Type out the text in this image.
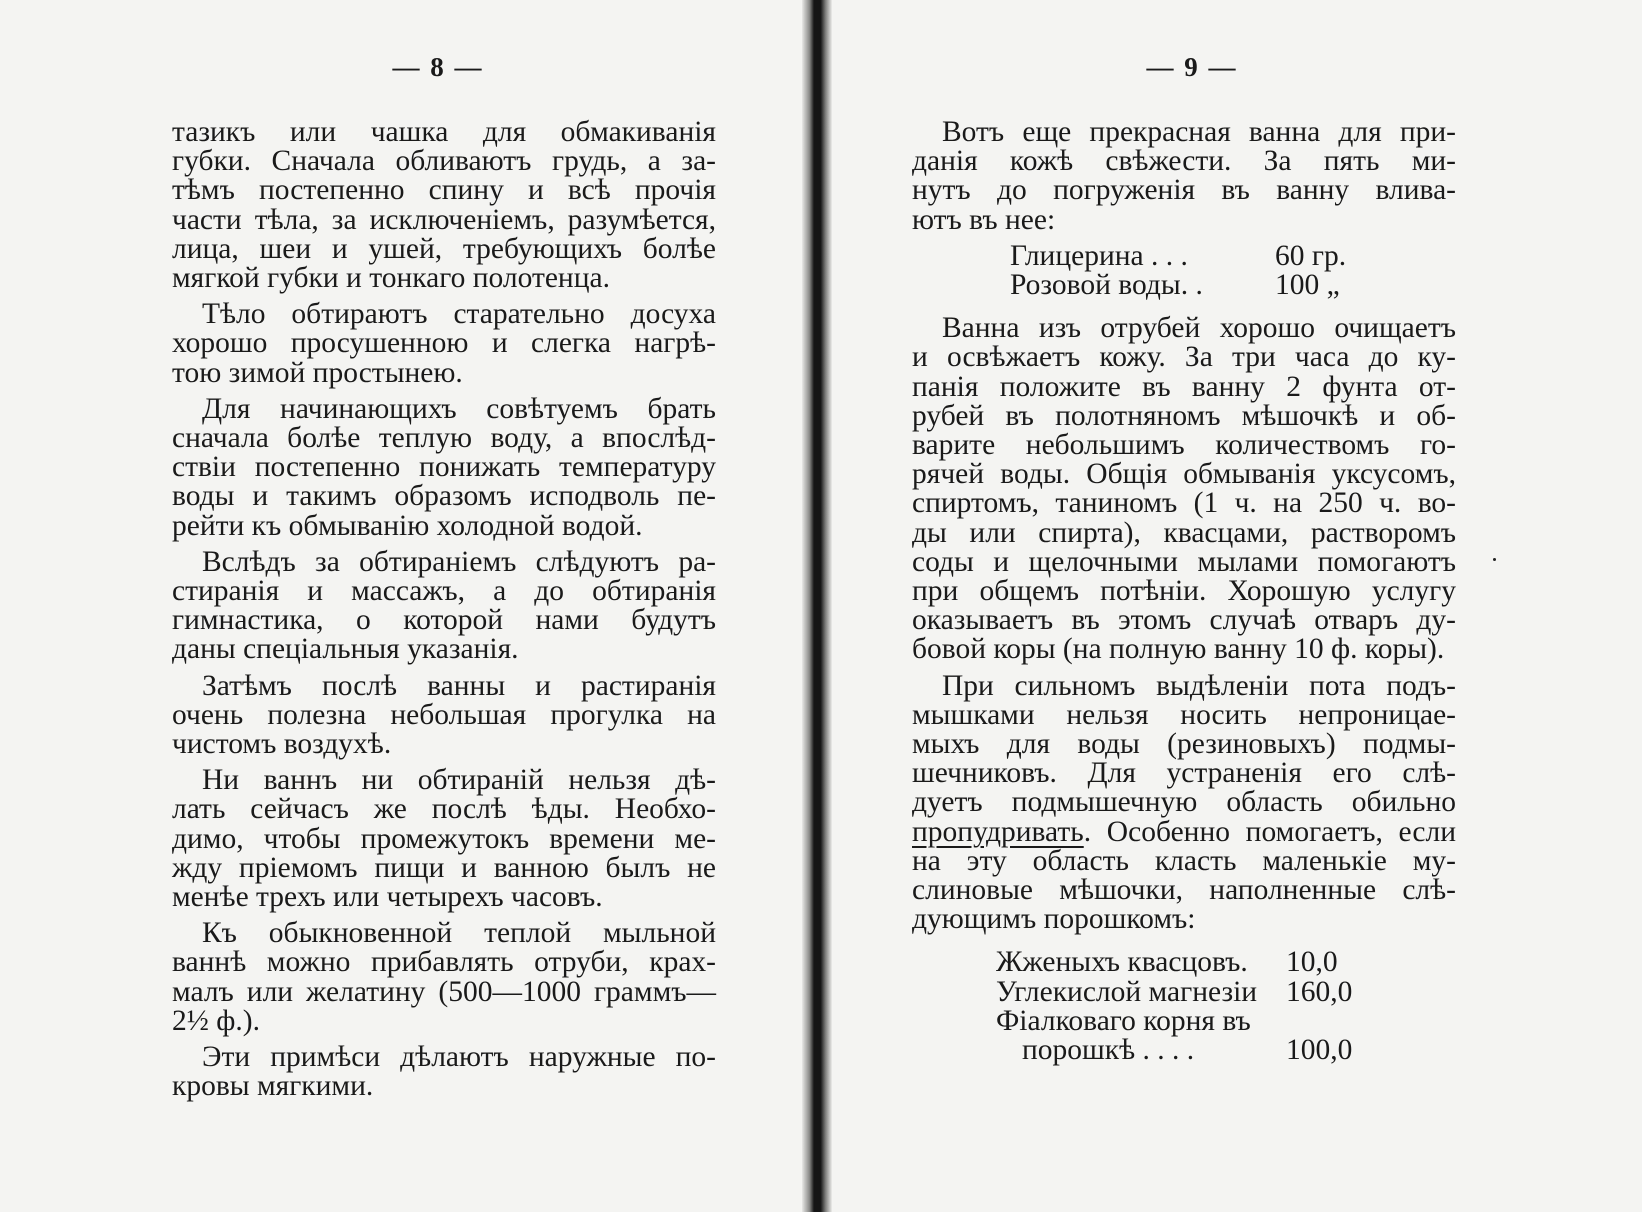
— 8 —
тазикъ или чашка для обмакиванія
губки. Сначала обливаютъ грудь, а за-
тѣмъ постепенно спину и всѣ прочія
части тѣла, за исключеніемъ, разумѣется,
лица, шеи и ушей, требующихъ болѣе
мягкой губки и тонкаго полотенца.
Тѣло обтираютъ старательно досуха
хорошо просушенною и слегка нагрѣ-
тою зимой простынею.
Для начинающихъ совѣтуемъ брать
сначала болѣе теплую воду, а впослѣд-
ствіи постепенно понижать температуру
воды и такимъ образомъ исподволь пе-
рейти къ обмыванію холодной водой.
Вслѣдъ за обтираніемъ слѣдуютъ ра-
стиранія и массажъ, а до обтиранія
гимнастика, о которой нами будутъ
даны спеціальныя указанія.
Затѣмъ послѣ ванны и растиранія
очень полезна небольшая прогулка на
чистомъ воздухѣ.
Ни ваннъ ни обтираній нельзя дѣ-
лать сейчасъ же послѣ ѣды. Необхо-
димо, чтобы промежутокъ времени ме-
жду пріемомъ пищи и ванною былъ не
менѣе трехъ или четырехъ часовъ.
Къ обыкновенной теплой мыльной
ваннѣ можно прибавлять отруби, крах-
малъ или желатину (500—1000 граммъ—
2½ ф.).
Эти примѣси дѣлаютъ наружные по-
кровы мягкими.
— 9 —
Вотъ еще прекрасная ванна для при-
данія кожѣ свѣжести. За пять ми-
нутъ до погруженія въ ванну влива-
ютъ въ нее:
Глицерина . . .	60 гр.
Розовой воды. .	100 „
Ванна изъ отрубей хорошо очищаетъ
и освѣжаетъ кожу. За три часа до ку-
панія положите въ ванну 2 фунта от-
рубей въ полотняномъ мѣшочкѣ и об-
варите небольшимъ количествомъ го-
рячей воды. Общія обмыванія уксусомъ,
спиртомъ, таниномъ (1 ч. на 250 ч. во-
ды или спирта), квасцами, растворомъ
соды и щелочными мылами помогаютъ
при общемъ потѣніи. Хорошую услугу
оказываетъ въ этомъ случаѣ отваръ ду-
бовой коры (на полную ванну 10 ф. коры).
При сильномъ выдѣленіи пота подъ-
мышками нельзя носить непроницае-
мыхъ для воды (резиновыхъ) подмы-
шечниковъ. Для устраненія его слѣ-
дуетъ подмышечную область обильно
пропудривать. Особенно помогаетъ, если
на эту область класть маленькіе му-
слиновые мѣшочки, наполненные слѣ-
дующимъ порошкомъ:
Жженыхъ квасцовъ.	10,0
Углекислой магнезіи 160,0
Фіалковаго корня въ
порошкѣ . . . .	100,0
